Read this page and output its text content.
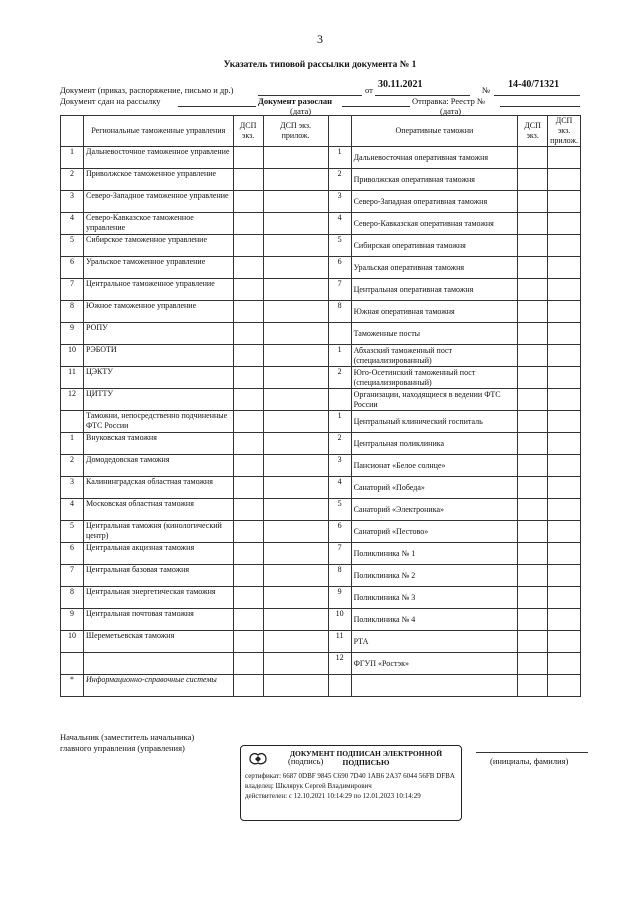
3
Указатель типовой рассылки документа № 1
Документ (приказ, распоряжение, письмо и др.)	от 30.11.2021	№ 14-40/71321
Документ сдан на рассылку	Документ разослан	Отправка: Реестр №
(дата)	(дата)
	Региональные таможенные управления	ДСП экз.	ДСП экз. прилож.		Оперативные таможни	ДСП экз.	ДСП экз. прилож.
1	Дальневосточное таможенное управление			1	Дальневосточная оперативная таможня		
2	Приволжское таможенное управление			2	Приволжская оперативная таможня		
3	Северо-Западное таможенное управление			3	Северо-Западная оперативная таможня		
4	Северо-Кавказское таможенное управление			4	Северо-Кавказская оперативная таможня		
5	Сибирское таможенное управление			5	Сибирская оперативная таможня		
6	Уральское таможенное управление			6	Уральская оперативная таможня		
7	Центральное таможенное управление			7	Центральная оперативная таможня		
8	Южное таможенное управление			8	Южная оперативная таможня		
9	РОПУ				Таможенные посты		
10	РЭБОТИ			1	Абхазский таможенный пост (специализированный)		
11	ЦЭКТУ			2	Юго-Осетинский таможенный пост (специализированный)		
12	ЦИТТУ				Организации, находящиеся в ведении ФТС России		
	Таможни, непосредственно подчиненные ФТС России			1	Центральный клинический госпиталь		
1	Внуковская таможня			2	Центральная поликлиника		
2	Домодедовская таможня			3	Пансионат «Белое солнце»		
3	Калининградская областная таможня			4	Санаторий «Победа»		
4	Московская областная таможня			5	Санаторий «Электроника»		
5	Центральная таможня (кинологический центр)			6	Санаторий «Пестово»		
6	Центральная акцизная таможня			7	Поликлиника № 1		
7	Центральная базовая таможня			8	Поликлиника № 2		
8	Центральная энергетическая таможня			9	Поликлиника № 3		
9	Центральная почтовая таможня			10	Поликлиника № 4		
10	Шереметьевская таможня			11	РТА		
				12	ФГУП «Ростэк»		
*	Информационно-справочные системы						
Начальник (заместитель начальника)
главного управления (управления)
(подпись)	(инициалы, фамилия)
ДОКУМЕНТ ПОДПИСАН ЭЛЕКТРОННОЙ ПОДПИСЬЮ
сертификат: 6687 0DBF 9845 C690 7D40 1AB6 2A37 6044 56FB DFBA
владелец: Шклярук Сергей Владимирович
действителен: с 12.10.2021 10:14:29 по 12.01.2023 10:14:29
